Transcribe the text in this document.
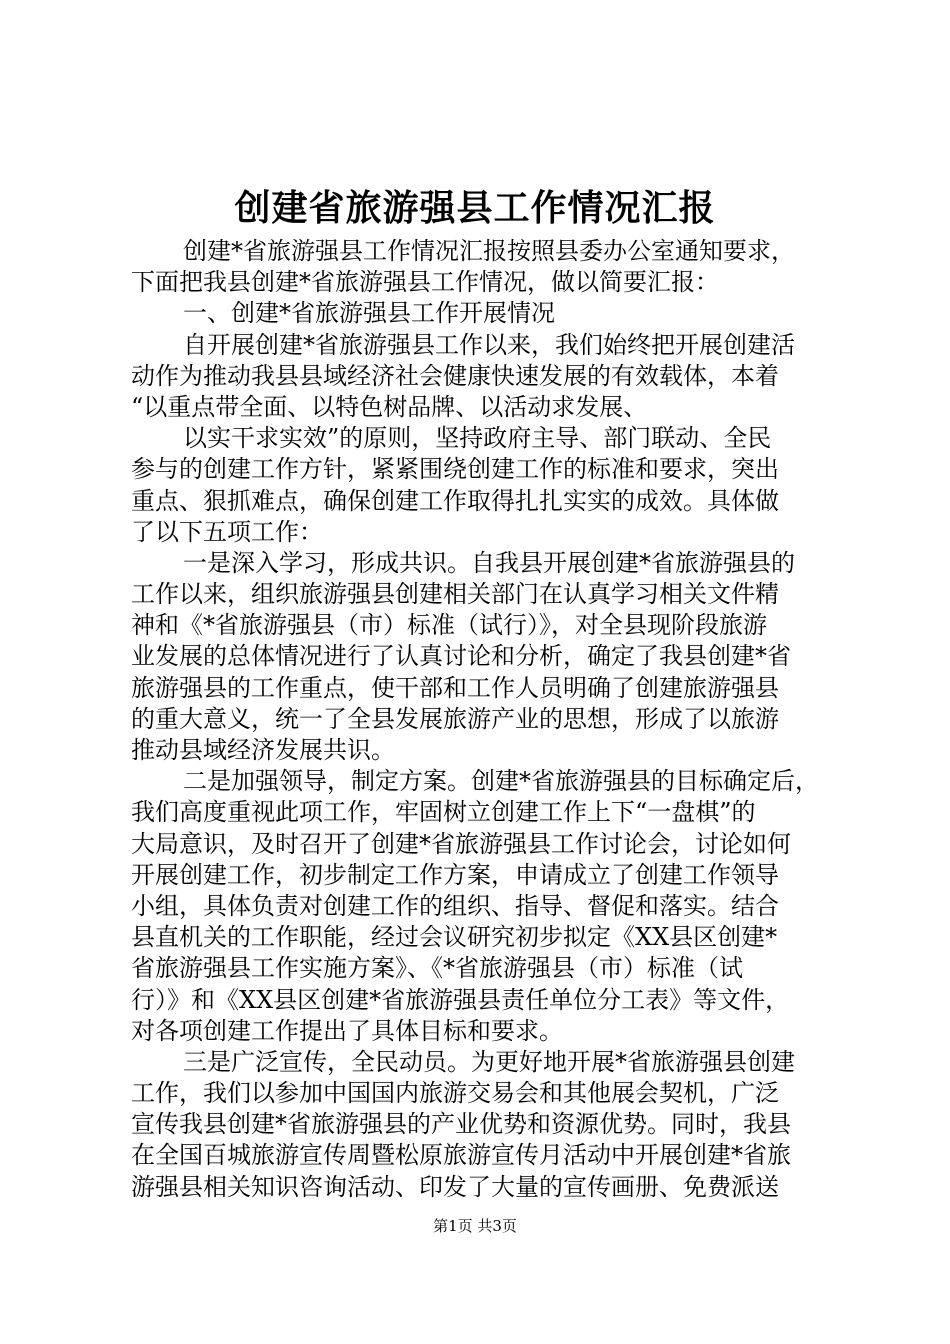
创建省旅游强县工作情况汇报
创建*省旅游强县工作情况汇报按照县委办公室通知要求，
下面把我县创建*省旅游强县工作情况，做以简要汇报：
一、创建*省旅游强县工作开展情况
自开展创建*省旅游强县工作以来，我们始终把开展创建活
动作为推动我县县域经济社会健康快速发展的有效载体，本着
“以重点带全面、以特色树品牌、以活动求发展、
以实干求实效”的原则，坚持政府主导、部门联动、全民
参与的创建工作方针，紧紧围绕创建工作的标准和要求，突出
重点、狠抓难点，确保创建工作取得扎扎实实的成效。具体做
了以下五项工作：
一是深入学习，形成共识。自我县开展创建*省旅游强县的
工作以来，组织旅游强县创建相关部门在认真学习相关文件精
神和《*省旅游强县（市）标准（试行）》，对全县现阶段旅游
业发展的总体情况进行了认真讨论和分析，确定了我县创建*省
旅游强县的工作重点，使干部和工作人员明确了创建旅游强县
的重大意义，统一了全县发展旅游产业的思想，形成了以旅游
推动县域经济发展共识。
二是加强领导，制定方案。创建*省旅游强县的目标确定后，
我们高度重视此项工作，牢固树立创建工作上下“一盘棋”的
大局意识，及时召开了创建*省旅游强县工作讨论会，讨论如何
开展创建工作，初步制定工作方案，申请成立了创建工作领导
小组，具体负责对创建工作的组织、指导、督促和落实。结合
县直机关的工作职能，经过会议研究初步拟定《XX县区创建*
省旅游强县工作实施方案》、《*省旅游强县（市）标准（试
行）》和《XX县区创建*省旅游强县责任单位分工表》等文件，
对各项创建工作提出了具体目标和要求。
三是广泛宣传，全民动员。为更好地开展*省旅游强县创建
工作，我们以参加中国国内旅游交易会和其他展会契机，广泛
宣传我县创建*省旅游强县的产业优势和资源优势。同时，我县
在全国百城旅游宣传周暨松原旅游宣传月活动中开展创建*省旅
游强县相关知识咨询活动、印发了大量的宣传画册、免费派送
第1页 共3页
